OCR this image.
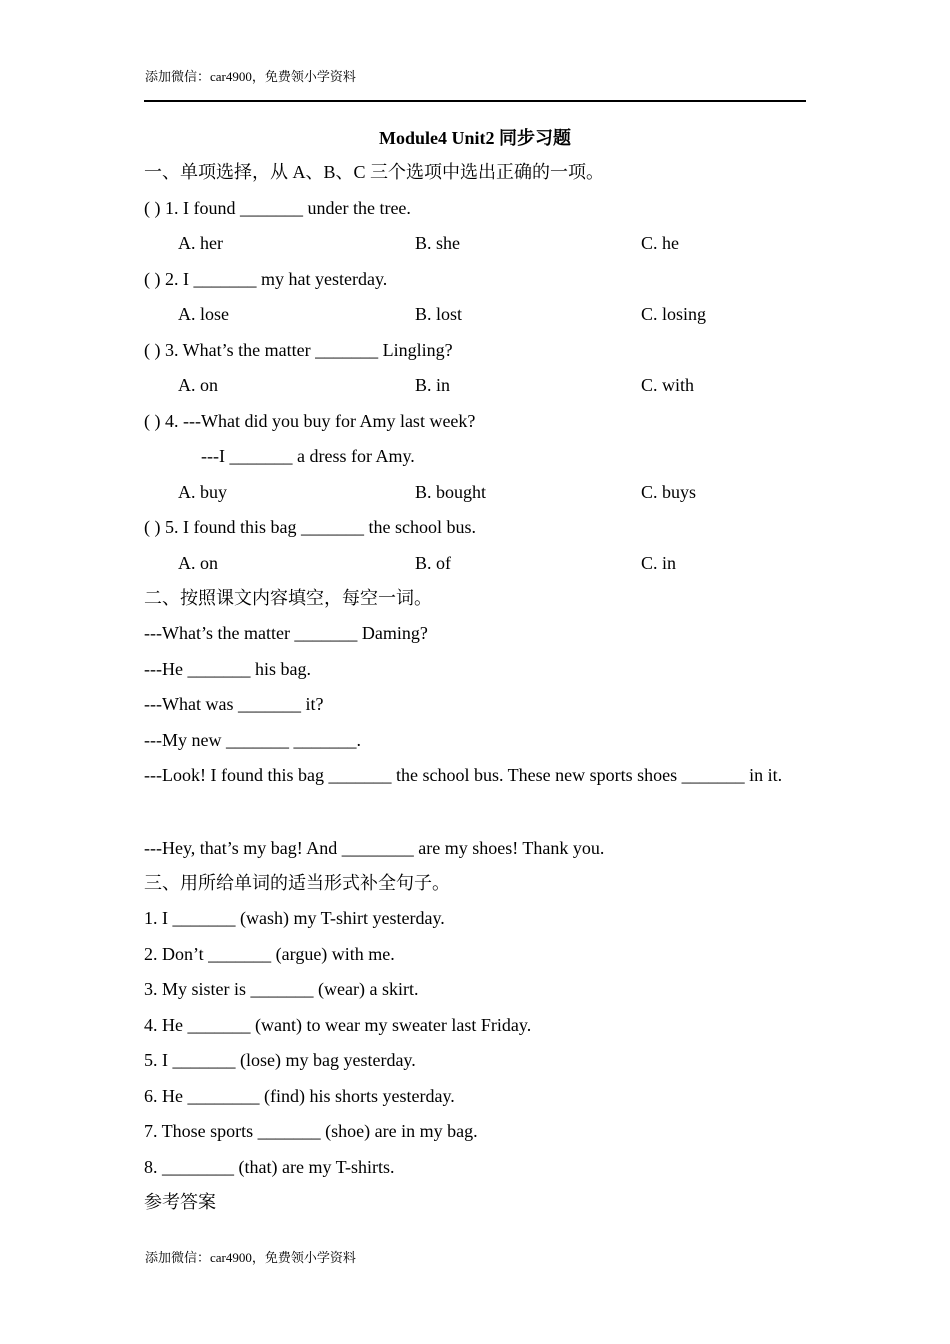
添加微信：car4900，免费领小学资料
Module4 Unit2 同步习题
一、单项选择，从 A、B、C 三个选项中选出正确的一项。
( ) 1. I found _______ under the tree.
A. her	B. she	C. he
( ) 2. I _______ my hat yesterday.
A. lose	B. lost	C. losing
( ) 3. What’s the matter _______ Lingling?
A. on	B. in	C. with
( ) 4. ---What did you buy for Amy last week?
---I _______ a dress for Amy.
A. buy	B. bought	C. buys
( ) 5. I found this bag _______ the school bus.
A. on	B. of	C. in
二、按照课文内容填空，每空一词。
---What’s the matter _______ Daming?
---He _______ his bag.
---What was _______ it?
---My new _______ _______.
---Look! I found this bag _______ the school bus. These new sports shoes _______ in it.
---Hey, that’s my bag! And ________ are my shoes! Thank you.
三、用所给单词的适当形式补全句子。
1. I _______ (wash) my T-shirt yesterday.
2. Don’t _______ (argue) with me.
3. My sister is _______ (wear) a skirt.
4. He _______ (want) to wear my sweater last Friday.
5. I _______ (lose) my bag yesterday.
6. He ________ (find) his shorts yesterday.
7. Those sports _______ (shoe) are in my bag.
8. ________ (that) are my T-shirts.
参考答案
添加微信：car4900，免费领小学资料
